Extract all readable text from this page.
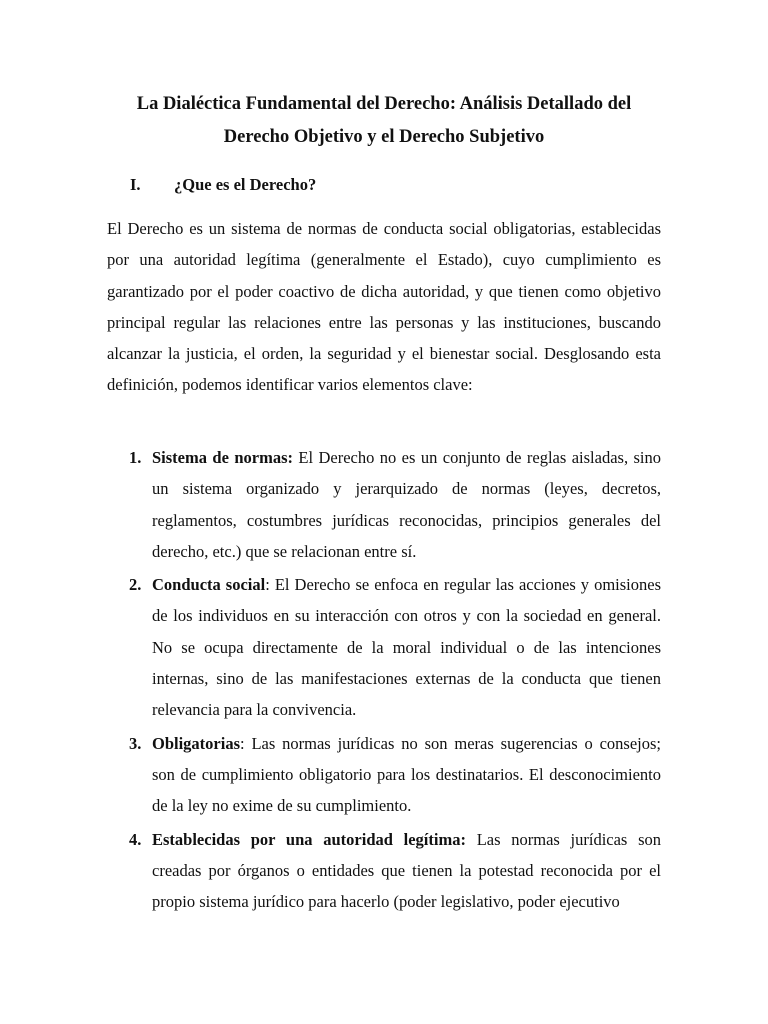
La Dialéctica Fundamental del Derecho: Análisis Detallado del
Derecho Objetivo y el Derecho Subjetivo
I. ¿Que es el Derecho?

El Derecho es un sistema de normas de conducta social obligatorias, establecidas por una autoridad legítima (generalmente el Estado), cuyo cumplimiento es garantizado por el poder coactivo de dicha autoridad, y que tienen como objetivo principal regular las relaciones entre las personas y las instituciones, buscando alcanzar la justicia, el orden, la seguridad y el bienestar social. Desglosando esta definición, podemos identificar varios elementos clave:

1. Sistema de normas: El Derecho no es un conjunto de reglas aisladas, sino un sistema organizado y jerarquizado de normas (leyes, decretos, reglamentos, costumbres jurídicas reconocidas, principios generales del derecho, etc.) que se relacionan entre sí.
2. Conducta social: El Derecho se enfoca en regular las acciones y omisiones de los individuos en su interacción con otros y con la sociedad en general. No se ocupa directamente de la moral individual o de las intenciones internas, sino de las manifestaciones externas de la conducta que tienen relevancia para la convivencia.
3. Obligatorias: Las normas jurídicas no son meras sugerencias o consejos; son de cumplimiento obligatorio para los destinatarios. El desconocimiento de la ley no exime de su cumplimiento.
4. Establecidas por una autoridad legítima: Las normas jurídicas son creadas por órganos o entidades que tienen la potestad reconocida por el propio sistema jurídico para hacerlo (poder legislativo, poder ejecutivo
